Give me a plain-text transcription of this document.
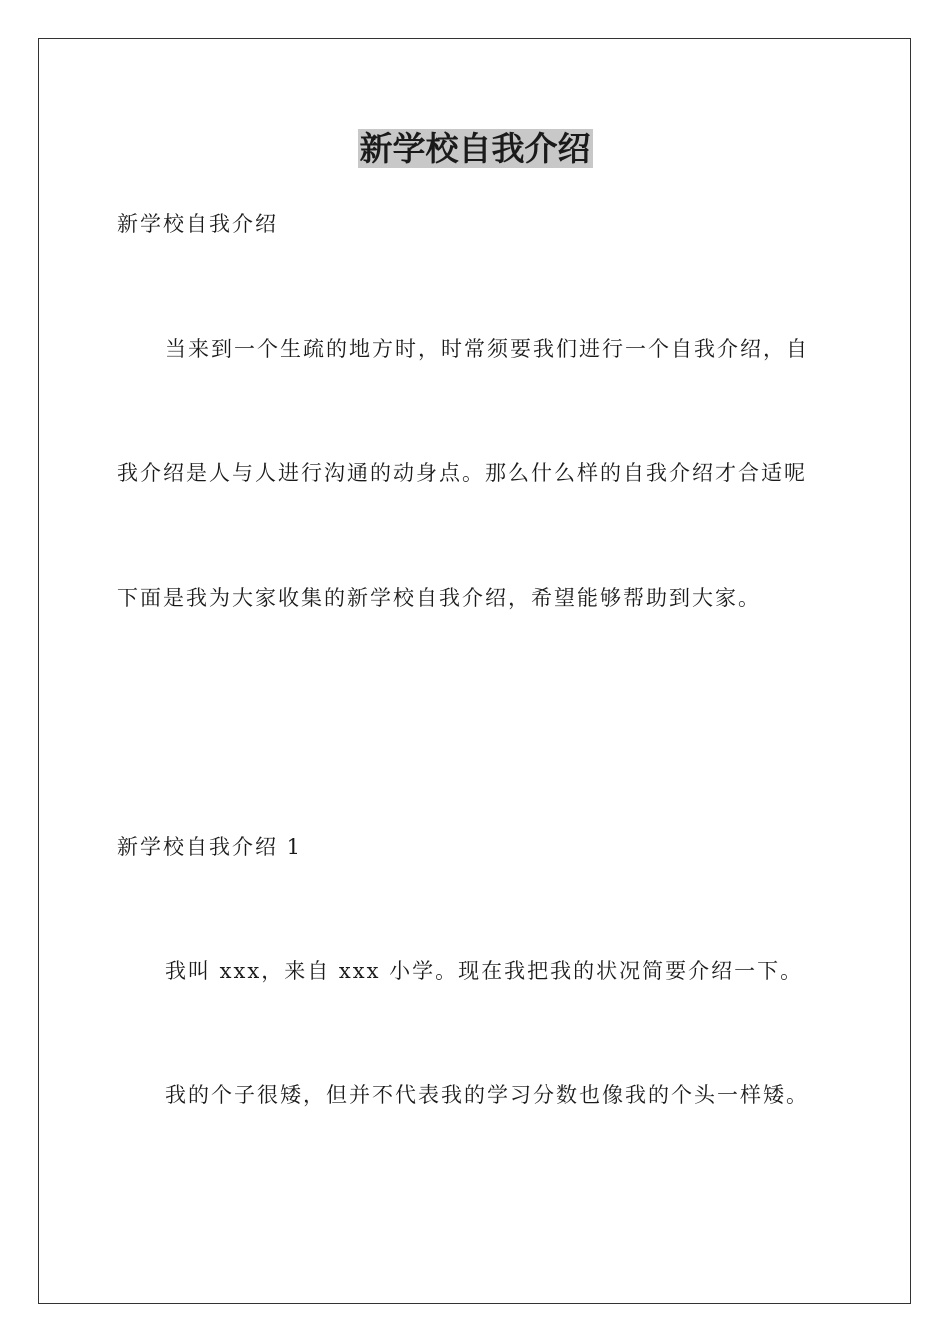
新学校自我介绍

新学校自我介绍

当来到一个生疏的地方时，时常须要我们进行一个自我介绍，自

我介绍是人与人进行沟通的动身点。那么什么样的自我介绍才合适呢

下面是我为大家收集的新学校自我介绍，希望能够帮助到大家。

新学校自我介绍 1

我叫 xxx，来自 xxx 小学。现在我把我的状况简要介绍一下。

我的个子很矮，但并不代表我的学习分数也像我的个头一样矮。
